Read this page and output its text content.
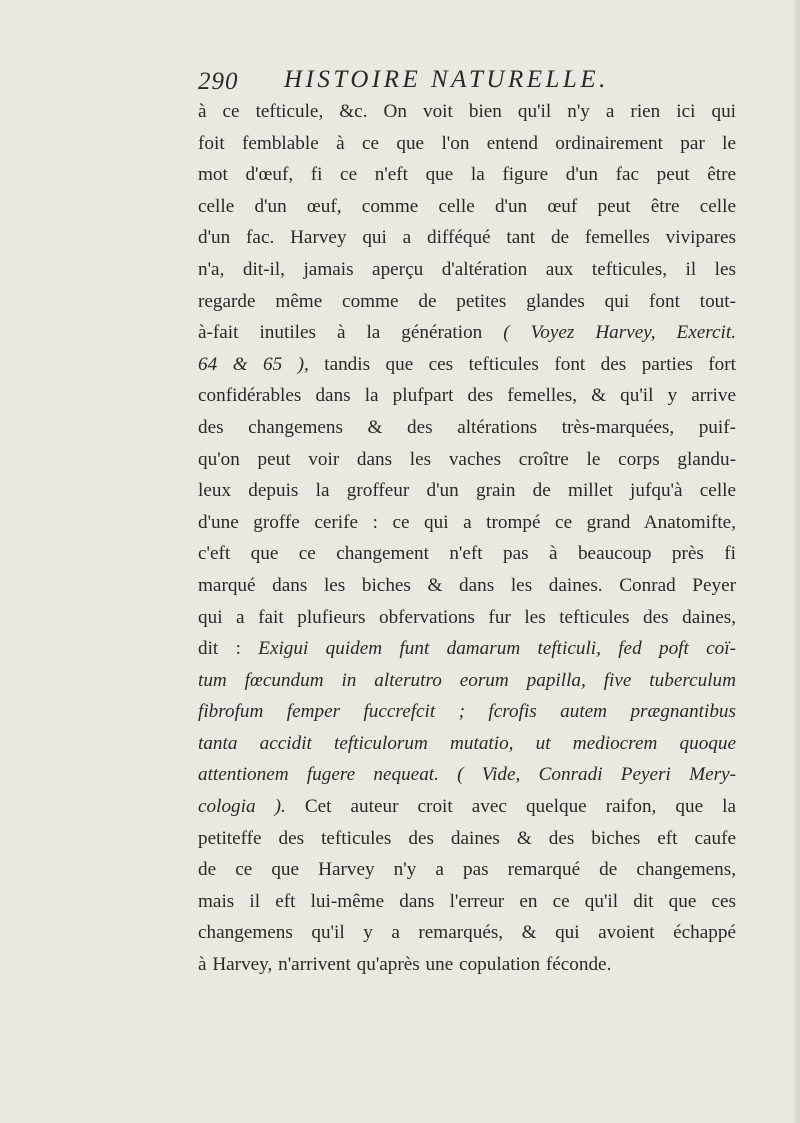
290 HISTOIRE NATURELLE.
à ce tefticule, &c. On voit bien qu'il n'y a rien ici qui
foit femblable à ce que l'on entend ordinairement par le
mot d'œuf, fi ce n'eft que la figure d'un fac peut être
celle d'un œuf, comme celle d'un œuf peut être celle
d'un fac. Harvey qui a difféqué tant de femelles vivipares
n'a, dit-il, jamais aperçu d'altération aux tefticules, il les
regarde même comme de petites glandes qui font tout-
à-fait inutiles à la génération ( Voyez Harvey, Exercit.
64 & 65 ), tandis que ces tefticules font des parties fort
confidérables dans la plufpart des femelles, & qu'il y arrive
des changemens & des altérations très-marquées, puif-
qu'on peut voir dans les vaches croître le corps glandu-
leux depuis la groffeur d'un grain de millet jufqu'à celle
d'une groffe cerife : ce qui a trompé ce grand Anatomifte,
c'eft que ce changement n'eft pas à beaucoup près fi
marqué dans les biches & dans les daines. Conrad Peyer
qui a fait plufieurs obfervations fur les tefticules des daines,
dit : Exigui quidem funt damarum tefticuli, fed poft coï-
tum fœcundum in alterutro eorum papilla, five tuberculum
fibrofum femper fuccrefcit ; fcrofis autem prægnantibus
tanta accidit tefticulorum mutatio, ut mediocrem quoque
attentionem fugere nequeat. ( Vide, Conradi Peyeri Mery-
cologia ). Cet auteur croit avec quelque raifon, que la
petiteffe des tefticules des daines & des biches eft caufe
de ce que Harvey n'y a pas remarqué de changemens,
mais il eft lui-même dans l'erreur en ce qu'il dit que ces
changemens qu'il y a remarqués, & qui avoient échappé
à Harvey, n'arrivent qu'après une copulation féconde.
